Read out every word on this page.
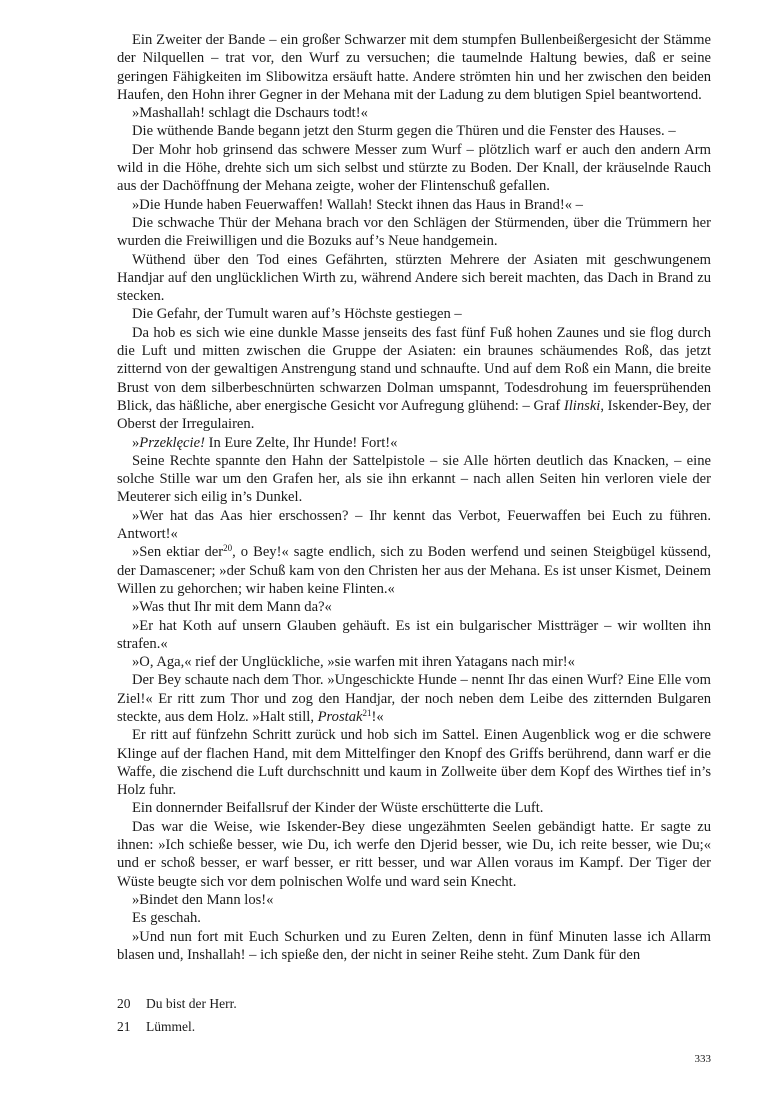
Ein Zweiter der Bande – ein großer Schwarzer mit dem stumpfen Bullenbeißergesicht der Stämme der Nilquellen – trat vor, den Wurf zu versuchen; die taumelnde Haltung bewies, daß er seine geringen Fähigkeiten im Slibowitza ersäuft hatte. Andere strömten hin und her zwischen den beiden Haufen, den Hohn ihrer Gegner in der Mehana mit der Ladung zu dem blutigen Spiel beantwortend.

»Mashallah! schlagt die Dschaurs todt!«

Die wüthende Bande begann jetzt den Sturm gegen die Thüren und die Fenster des Hauses. –

Der Mohr hob grinsend das schwere Messer zum Wurf – plötzlich warf er auch den andern Arm wild in die Höhe, drehte sich um sich selbst und stürzte zu Boden. Der Knall, der kräuselnde Rauch aus der Dachöffnung der Mehana zeigte, woher der Flintenschuß gefallen.

»Die Hunde haben Feuerwaffen! Wallah! Steckt ihnen das Haus in Brand!« –

Die schwache Thür der Mehana brach vor den Schlägen der Stürmenden, über die Trümmern her wurden die Freiwilligen und die Bozuks auf’s Neue handgemein.

Wüthend über den Tod eines Gefährten, stürzten Mehrere der Asiaten mit geschwungenem Handjar auf den unglücklichen Wirth zu, während Andere sich bereit machten, das Dach in Brand zu stecken.

Die Gefahr, der Tumult waren auf’s Höchste gestiegen –

Da hob es sich wie eine dunkle Masse jenseits des fast fünf Fuß hohen Zaunes und sie flog durch die Luft und mitten zwischen die Gruppe der Asiaten: ein braunes schäumendes Roß, das jetzt zitternd von der gewaltigen Anstrengung stand und schnaufte. Und auf dem Roß ein Mann, die breite Brust von dem silberbeschnürten schwarzen Dolman umspannt, Todesdrohung im feuersprühenden Blick, das häßliche, aber energische Gesicht vor Aufregung glühend: – Graf Ilinski, Iskender-Bey, der Oberst der Irregulairen.

»Przeklęcie! In Eure Zelte, Ihr Hunde! Fort!«

Seine Rechte spannte den Hahn der Sattelpistole – sie Alle hörten deutlich das Knacken, – eine solche Stille war um den Grafen her, als sie ihn erkannt – nach allen Seiten hin verloren viele der Meuterer sich eilig in’s Dunkel.

»Wer hat das Aas hier erschossen? – Ihr kennt das Verbot, Feuerwaffen bei Euch zu führen. Antwort!«

»Sen ektiar der$^{20}$, o Bey!« sagte endlich, sich zu Boden werfend und seinen Steigbügel küssend, der Damascener; »der Schuß kam von den Christen her aus der Mehana. Es ist unser Kismet, Deinem Willen zu gehorchen; wir haben keine Flinten.«

»Was thut Ihr mit dem Mann da?«

»Er hat Koth auf unsern Glauben gehäuft. Es ist ein bulgarischer Mistträger – wir wollten ihn strafen.«

»O, Aga,« rief der Unglückliche, »sie warfen mit ihren Yatagans nach mir!«

Der Bey schaute nach dem Thor. »Ungeschickte Hunde – nennt Ihr das einen Wurf? Eine Elle vom Ziel!« Er ritt zum Thor und zog den Handjar, der noch neben dem Leibe des zitternden Bulgaren steckte, aus dem Holz. »Halt still, Prostak$^{21}$!«

Er ritt auf fünfzehn Schritt zurück und hob sich im Sattel. Einen Augenblick wog er die schwere Klinge auf der flachen Hand, mit dem Mittelfinger den Knopf des Griffs berührend, dann warf er die Waffe, die zischend die Luft durchschnitt und kaum in Zollweite über dem Kopf des Wirthes tief in’s Holz fuhr.

Ein donnernder Beifallsruf der Kinder der Wüste erschütterte die Luft.

Das war die Weise, wie Iskender-Bey diese ungezähmten Seelen gebändigt hatte. Er sagte zu ihnen: »Ich schieße besser, wie Du, ich werfe den Djerid besser, wie Du, ich reite besser, wie Du;« und er schoß besser, er warf besser, er ritt besser, und war Allen voraus im Kampf. Der Tiger der Wüste beugte sich vor dem polnischen Wolfe und ward sein Knecht.

»Bindet den Mann los!«

Es geschah.

»Und nun fort mit Euch Schurken und zu Euren Zelten, denn in fünf Minuten lasse ich Allarm blasen und, Inshallah! – ich spieße den, der nicht in seiner Reihe steht. Zum Dank für den

20	Du bist der Herr.
21	Lümmel.
333
